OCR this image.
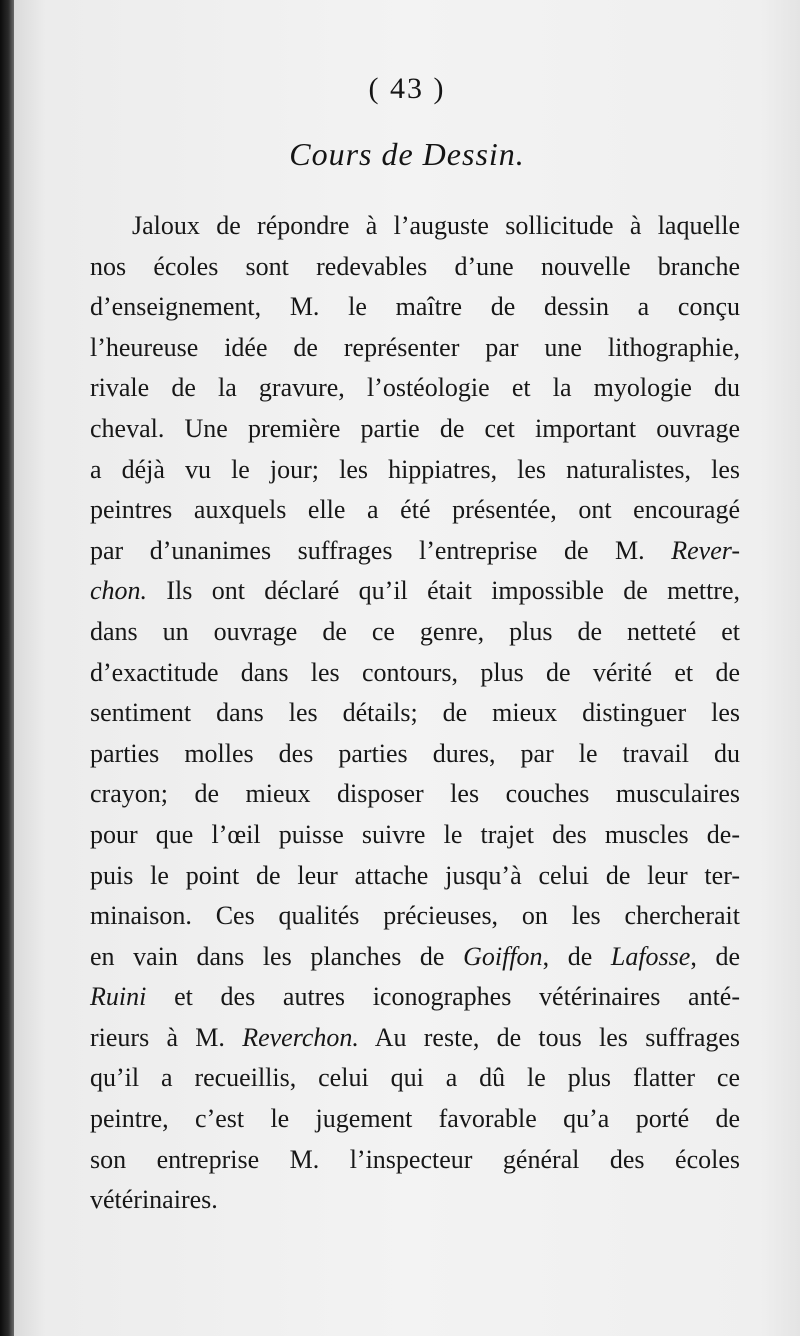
( 43 )
Cours de Dessin.
Jaloux de répondre à l’auguste sollicitude à laquelle
nos écoles sont redevables d’une nouvelle branche
d’enseignement, M. le maître de dessin a conçu
l’heureuse idée de représenter par une lithographie,
rivale de la gravure, l’ostéologie et la myologie du
cheval. Une première partie de cet important ouvrage
a déjà vu le jour; les hippiatres, les naturalistes, les
peintres auxquels elle a été présentée, ont encouragé
par d’unanimes suffrages l’entreprise de M. Rever-
chon. Ils ont déclaré qu’il était impossible de mettre,
dans un ouvrage de ce genre, plus de netteté et
d’exactitude dans les contours, plus de vérité et de
sentiment dans les détails; de mieux distinguer les
parties molles des parties dures, par le travail du
crayon; de mieux disposer les couches musculaires
pour que l’œil puisse suivre le trajet des muscles de-
puis le point de leur attache jusqu’à celui de leur ter-
minaison. Ces qualités précieuses, on les chercherait
en vain dans les planches de Goiffon, de Lafosse, de
Ruini et des autres iconographes vétérinaires anté-
rieurs à M. Reverchon. Au reste, de tous les suffrages
qu’il a recueillis, celui qui a dû le plus flatter ce
peintre, c’est le jugement favorable qu’a porté de
son entreprise M. l’inspecteur général des écoles
vétérinaires.
